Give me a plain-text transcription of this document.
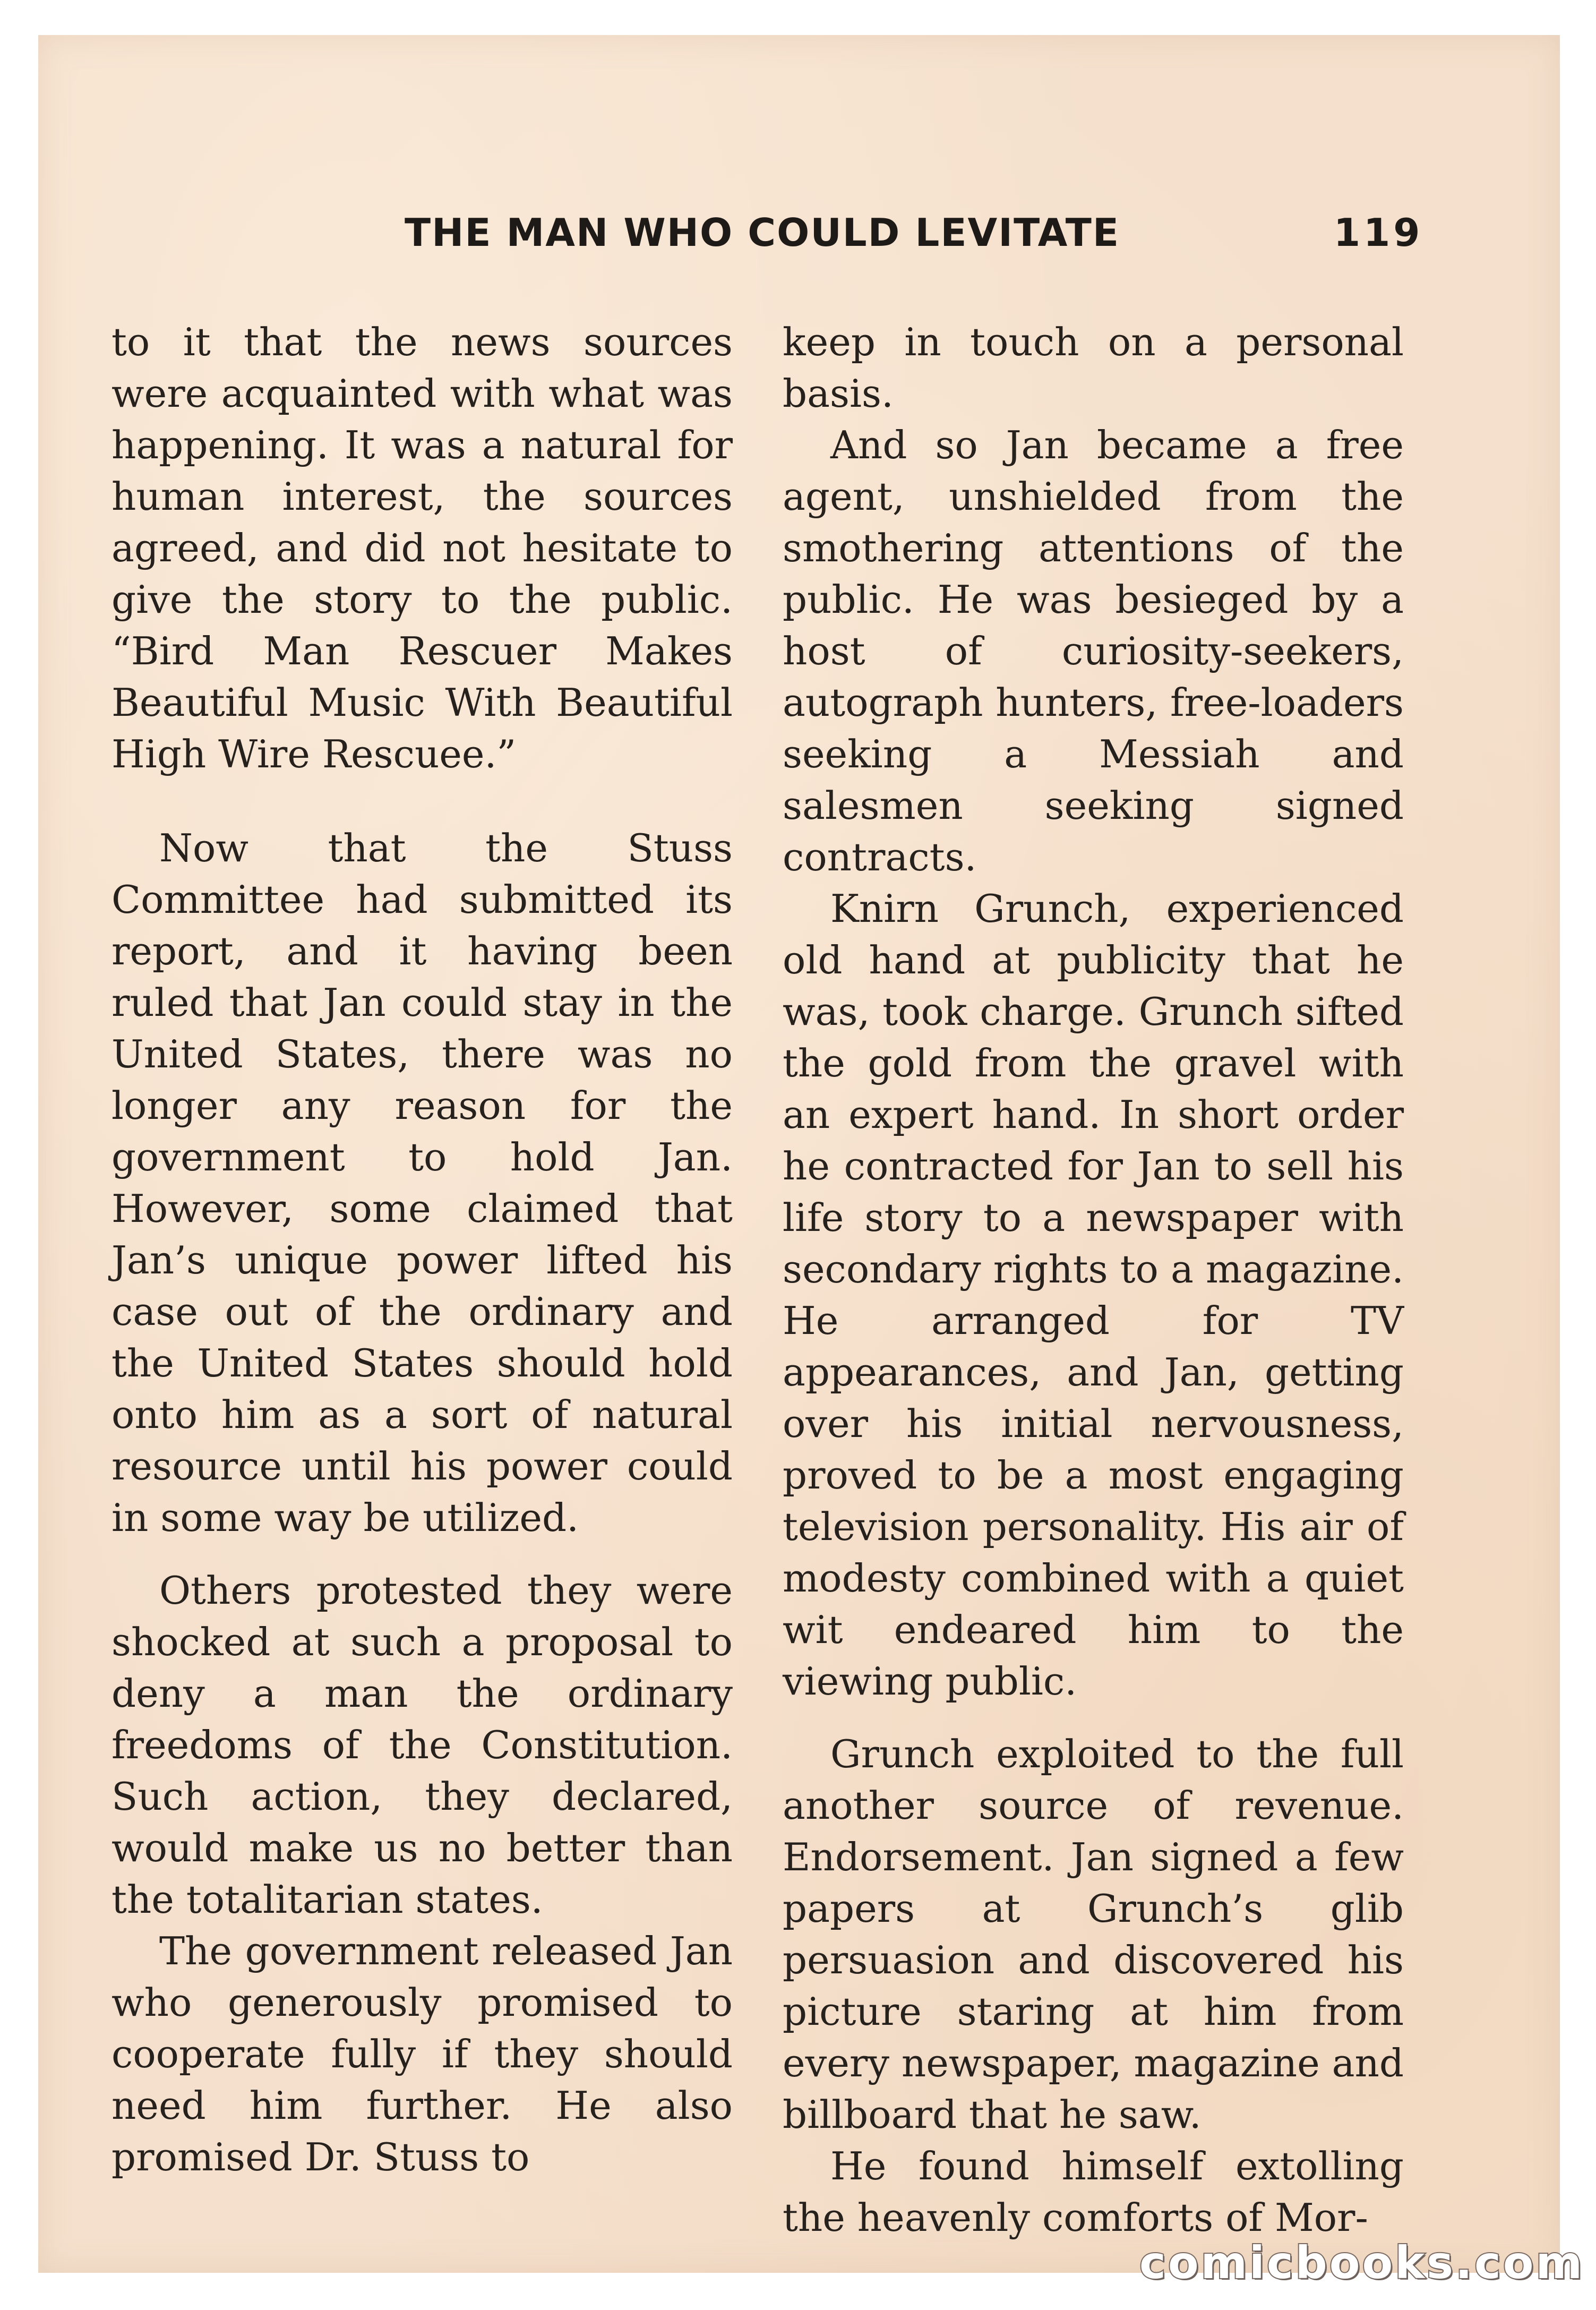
THE MAN WHO COULD LEVITATE	119

to it that the news sources were acquainted with what was happening. It was a natural for human interest, the sources agreed, and did not hesitate to give the story to the public. “Bird Man Rescuer Makes Beautiful Music With Beautiful High Wire Rescuee.”

Now that the Stuss Committee had submitted its report, and it having been ruled that Jan could stay in the United States, there was no longer any reason for the government to hold Jan. However, some claimed that Jan’s unique power lifted his case out of the ordinary and the United States should hold onto him as a sort of natural resource until his power could in some way be utilized.

Others protested they were shocked at such a proposal to deny a man the ordinary freedoms of the Constitution. Such action, they declared, would make us no better than the totalitarian states.

The government released Jan who generously promised to cooperate fully if they should need him further. He also promised Dr. Stuss to

keep in touch on a personal basis.

And so Jan became a free agent, unshielded from the smothering attentions of the public. He was besieged by a host of curiosity-seekers, autograph hunters, free-loaders seeking a Messiah and salesmen seeking signed contracts.

Knirn Grunch, experienced old hand at publicity that he was, took charge. Grunch sifted the gold from the gravel with an expert hand. In short order he contracted for Jan to sell his life story to a newspaper with secondary rights to a magazine. He arranged for TV appearances, and Jan, getting over his initial nervousness, proved to be a most engaging television personality. His air of modesty combined with a quiet wit endeared him to the viewing public.

Grunch exploited to the full another source of revenue. Endorsement. Jan signed a few papers at Grunch’s glib persuasion and discovered his picture staring at him from every newspaper, magazine and billboard that he saw.

He found himself extolling the heavenly comforts of Mor-

comicbooks.com
